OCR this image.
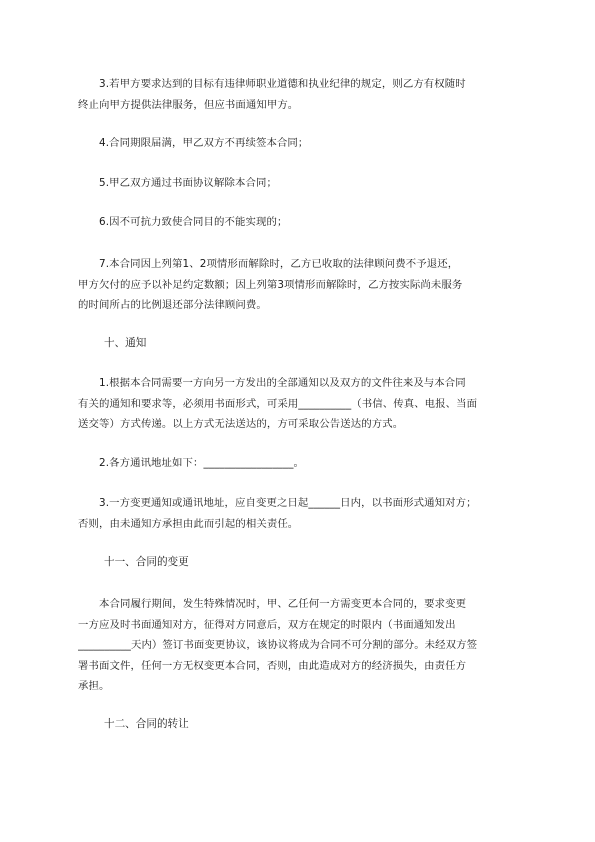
　　3.若甲方要求达到的目标有违律师职业道德和执业纪律的规定，则乙方有权随时
终止向甲方提供法律服务，但应书面通知甲方。
　　4.合同期限届满，甲乙双方不再续签本合同；
　　5.甲乙双方通过书面协议解除本合同；
　　6.因不可抗力致使合同目的不能实现的；
　　7.本合同因上列第1、2项情形而解除时，乙方已收取的法律顾问费不予退还，
甲方欠付的应予以补足约定数额；因上列第3项情形而解除时，乙方按实际尚未服务
的时间所占的比例退还部分法律顾问费。
十、通知
　　1.根据本合同需要一方向另一方发出的全部通知以及双方的文件往来及与本合同
有关的通知和要求等，必须用书面形式，可采用__________（书信、传真、电报、当面
送交等）方式传递。以上方式无法送达的，方可采取公告送达的方式。
　　2.各方通讯地址如下：_________________。
　　3.一方变更通知或通讯地址，应自变更之日起______日内，以书面形式通知对方；
否则，由未通知方承担由此而引起的相关责任。
十一、合同的变更
　　本合同履行期间，发生特殊情况时，甲、乙任何一方需变更本合同的，要求变更
一方应及时书面通知对方，征得对方同意后，双方在规定的时限内（书面通知发出
__________天内）签订书面变更协议，该协议将成为合同不可分割的部分。未经双方签
署书面文件，任何一方无权变更本合同，否则，由此造成对方的经济损失，由责任方
承担。
十二、合同的转让
